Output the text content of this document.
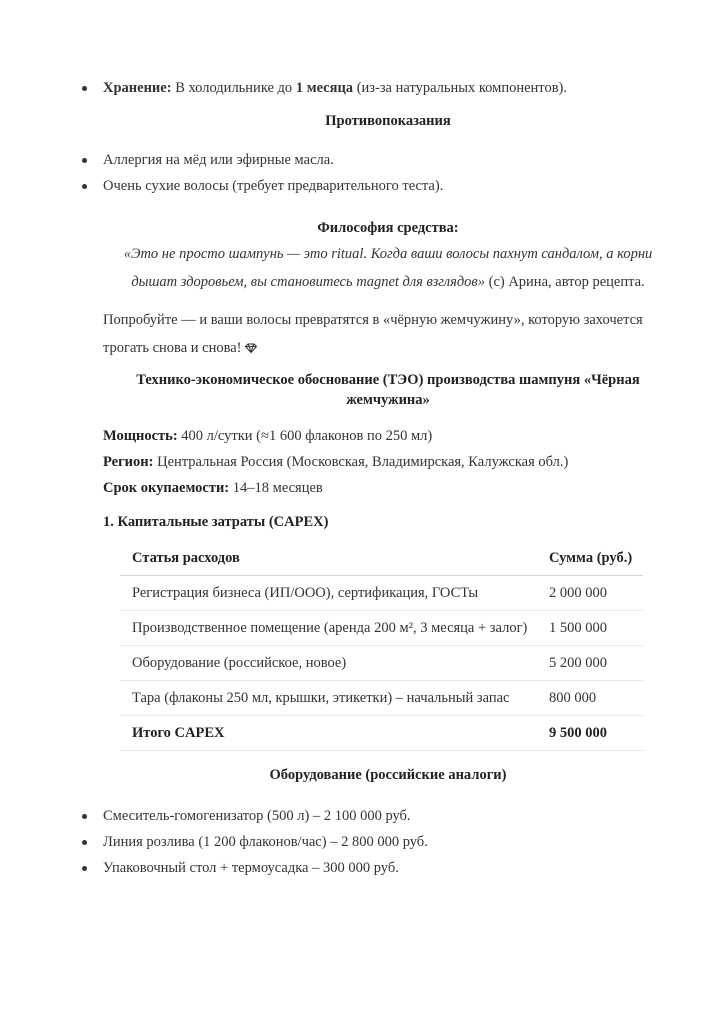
Хранение: В холодильнике до 1 месяца (из-за натуральных компонентов).
Противопоказания
Аллергия на мёд или эфирные масла.
Очень сухие волосы (требует предварительного теста).
Философия средства:
«Это не просто шампунь — это ritual. Когда ваши волосы пахнут сандалом, а корни
дышат здоровьем, вы становитесь magnet для взглядов» (с) Арина, автор рецепта.
Попробуйте — и ваши волосы превратятся в «чёрную жемчужину», которую захочется
трогать снова и снова!
Технико-экономическое обоснование (ТЭО) производства шампуня «Чёрная
жемчужина»
Мощность: 400 л/сутки (≈1 600 флаконов по 250 мл)
Регион: Центральная Россия (Московская, Владимирская, Калужская обл.)
Срок окупаемости: 14–18 месяцев
1. Капитальные затраты (CAPEX)
Статья расходов	Сумма (руб.)
Регистрация бизнеса (ИП/ООО), сертификация, ГОСТы	2 000 000
Производственное помещение (аренда 200 м², 3 месяца + залог)	1 500 000
Оборудование (российское, новое)	5 200 000
Тара (флаконы 250 мл, крышки, этикетки) – начальный запас	800 000
Итого CAPEX	9 500 000
Оборудование (российские аналоги)
Смеситель-гомогенизатор (500 л) – 2 100 000 руб.
Линия розлива (1 200 флаконов/час) – 2 800 000 руб.
Упаковочный стол + термоусадка – 300 000 руб.
